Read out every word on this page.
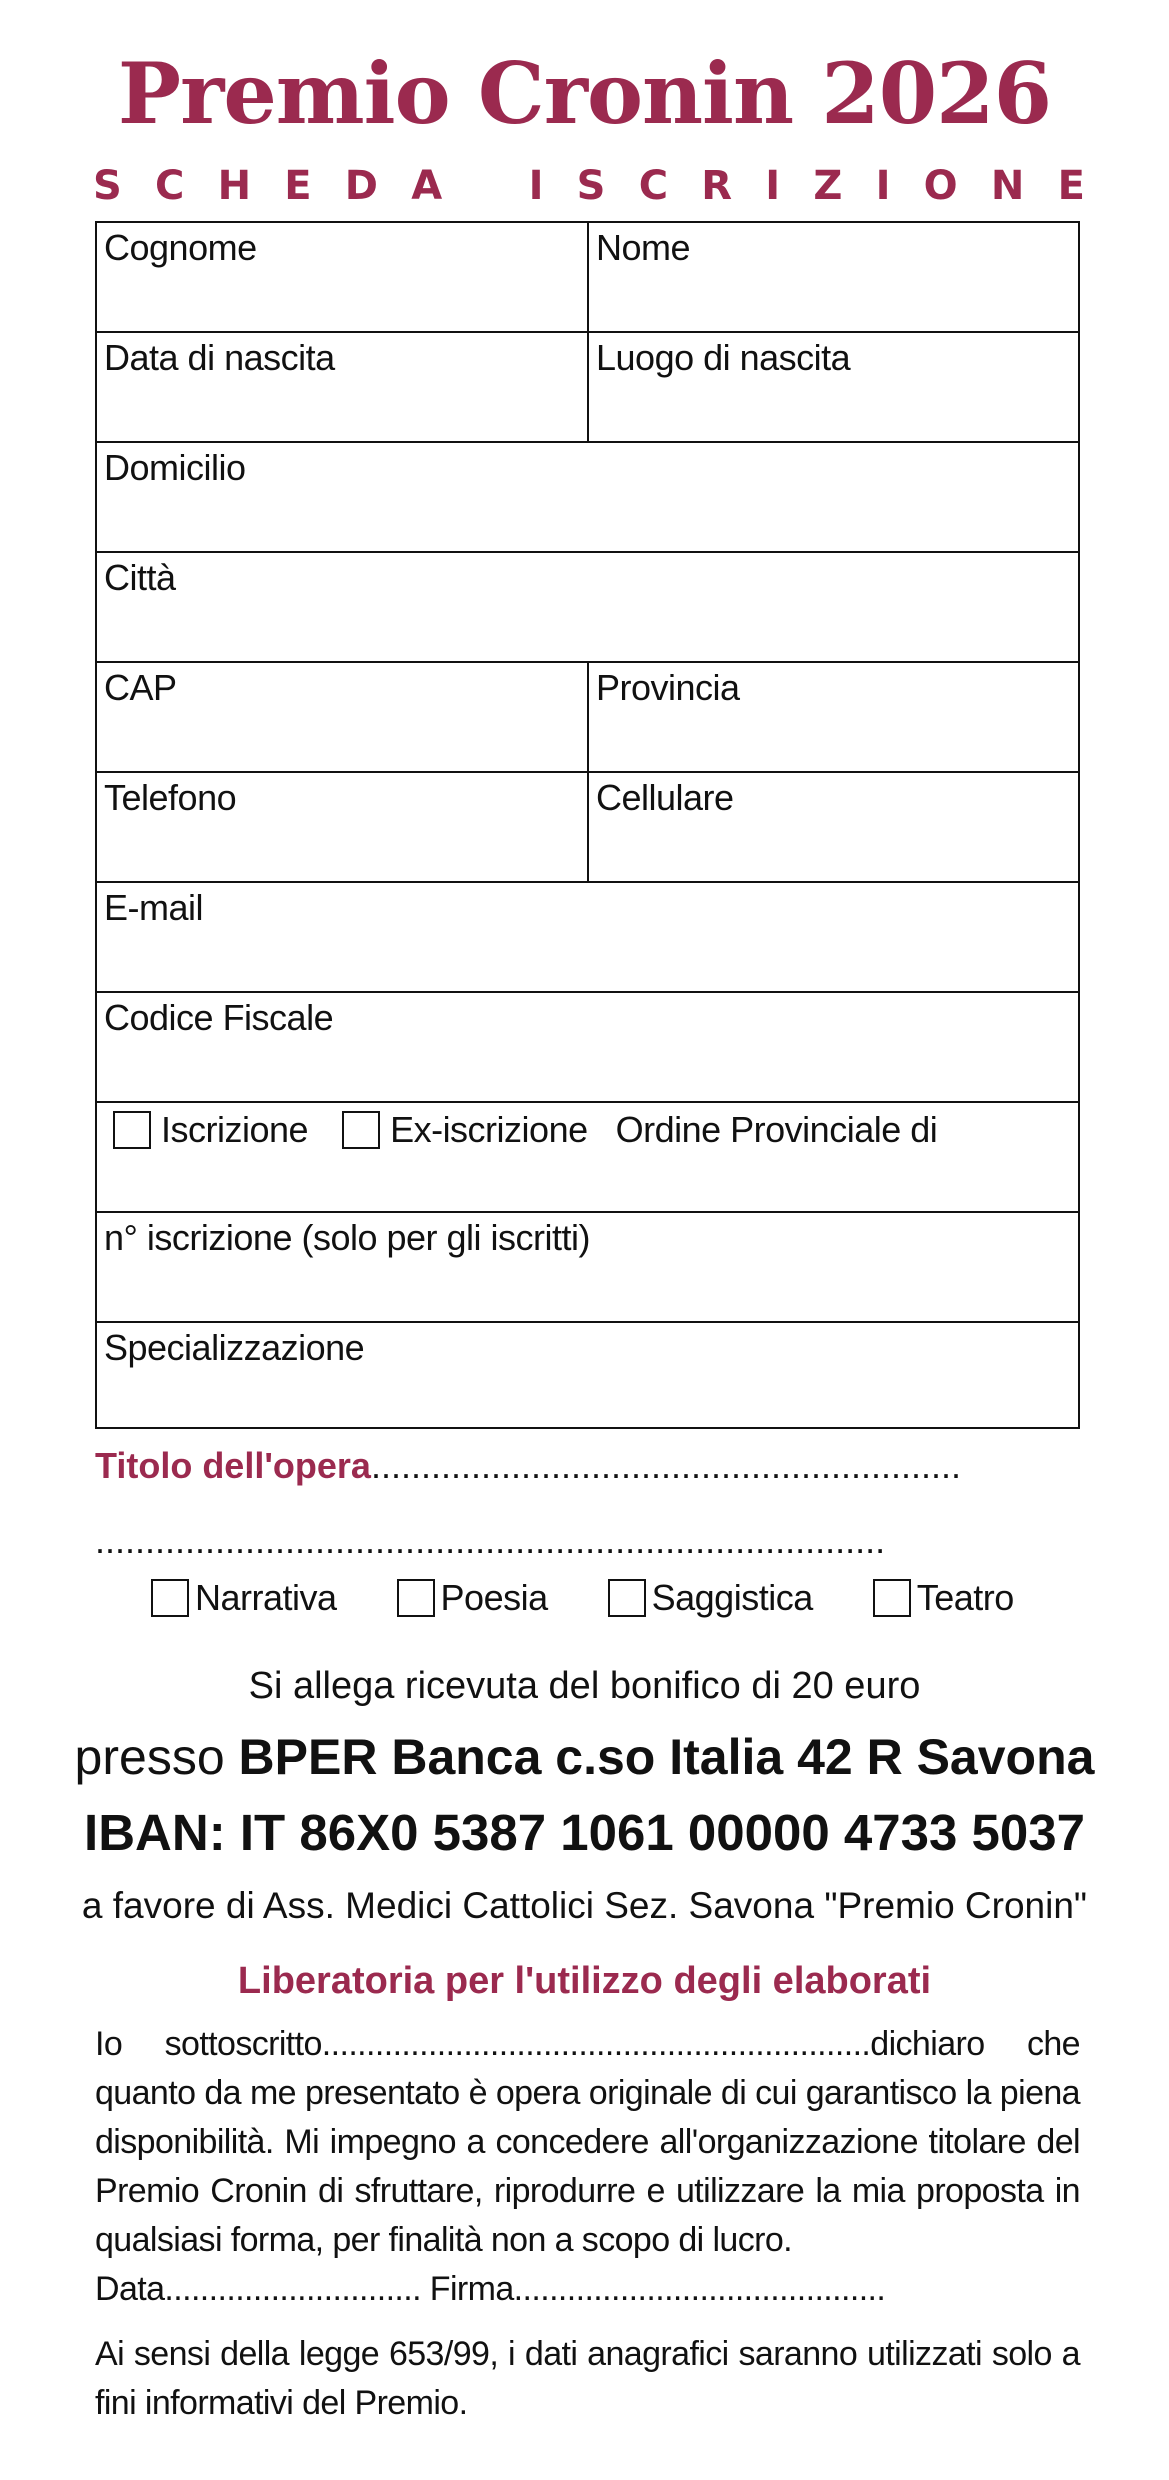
Premio Cronin 2026
S C H E D A I S C R I Z I O N E
Cognome	Nome
Data di nascita	Luogo di nascita
Domicilio
Città
CAP	Provincia
Telefono	Cellulare
E-mail
Codice Fiscale
Iscrizione Ex-iscrizione Ordine Provinciale di
n° iscrizione (solo per gli iscritti)
Specializzazione
Titolo dell'opera...........................................................
...............................................................................
Narrativa	Poesia	Saggistica	Teatro
Si allega ricevuta del bonifico di 20 euro
presso BPER Banca c.so Italia 42 R Savona
IBAN: IT 86X0 5387 1061 00000 4733 5037
a favore di Ass. Medici Cattolici Sez. Savona "Premio Cronin"
Liberatoria per l'utilizzo degli elaborati

Io sottoscritto..............................................................dichiaro che quanto da me presentato è opera originale di cui garantisco la piena disponibilità. Mi impegno a concedere all'organizzazione titolare del Premio Cronin di sfruttare, riprodurre e utilizzare la mia proposta in qualsiasi forma, per finalità non a scopo di lucro.

Data............................. Firma..........................................

Ai sensi della legge 653/99, i dati anagrafici saranno utilizzati solo a fini informativi del Premio.
